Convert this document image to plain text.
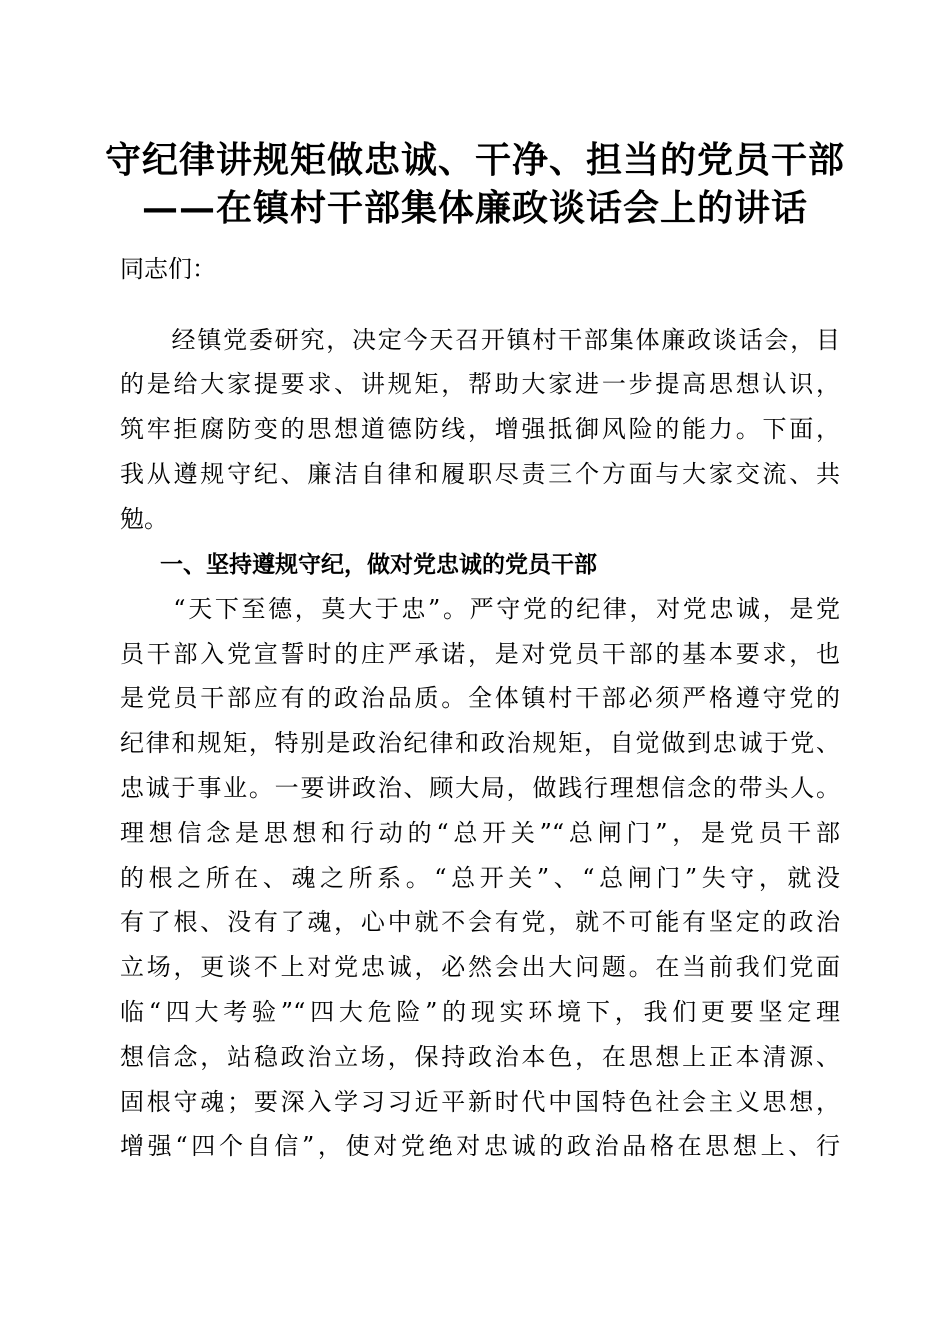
守纪律讲规矩做忠诚、干净、担当的党员干部
——在镇村干部集体廉政谈话会上的讲话
同志们：
　　经镇党委研究，决定今天召开镇村干部集体廉政谈话会，目
的是给大家提要求、讲规矩，帮助大家进一步提高思想认识，
筑牢拒腐防变的思想道德防线，增强抵御风险的能力。下面，
我从遵规守纪、廉洁自律和履职尽责三个方面与大家交流、共
勉。
一、坚持遵规守纪，做对党忠诚的党员干部
　　“天下至德，莫大于忠”。严守党的纪律，对党忠诚，是党
员干部入党宣誓时的庄严承诺，是对党员干部的基本要求，也
是党员干部应有的政治品质。全体镇村干部必须严格遵守党的
纪律和规矩，特别是政治纪律和政治规矩，自觉做到忠诚于党、
忠诚于事业。一要讲政治、顾大局，做践行理想信念的带头人。
理想信念是思想和行动的“总开关”“总闸门”，是党员干部
的根之所在、魂之所系。“总开关”、“总闸门”失守，就没
有了根、没有了魂，心中就不会有党，就不可能有坚定的政治
立场，更谈不上对党忠诚，必然会出大问题。在当前我们党面
临“四大考验”“四大危险”的现实环境下，我们更要坚定理
想信念，站稳政治立场，保持政治本色，在思想上正本清源、
固根守魂；要深入学习习近平新时代中国特色社会主义思想，
增强“四个自信”，使对党绝对忠诚的政治品格在思想上、行
